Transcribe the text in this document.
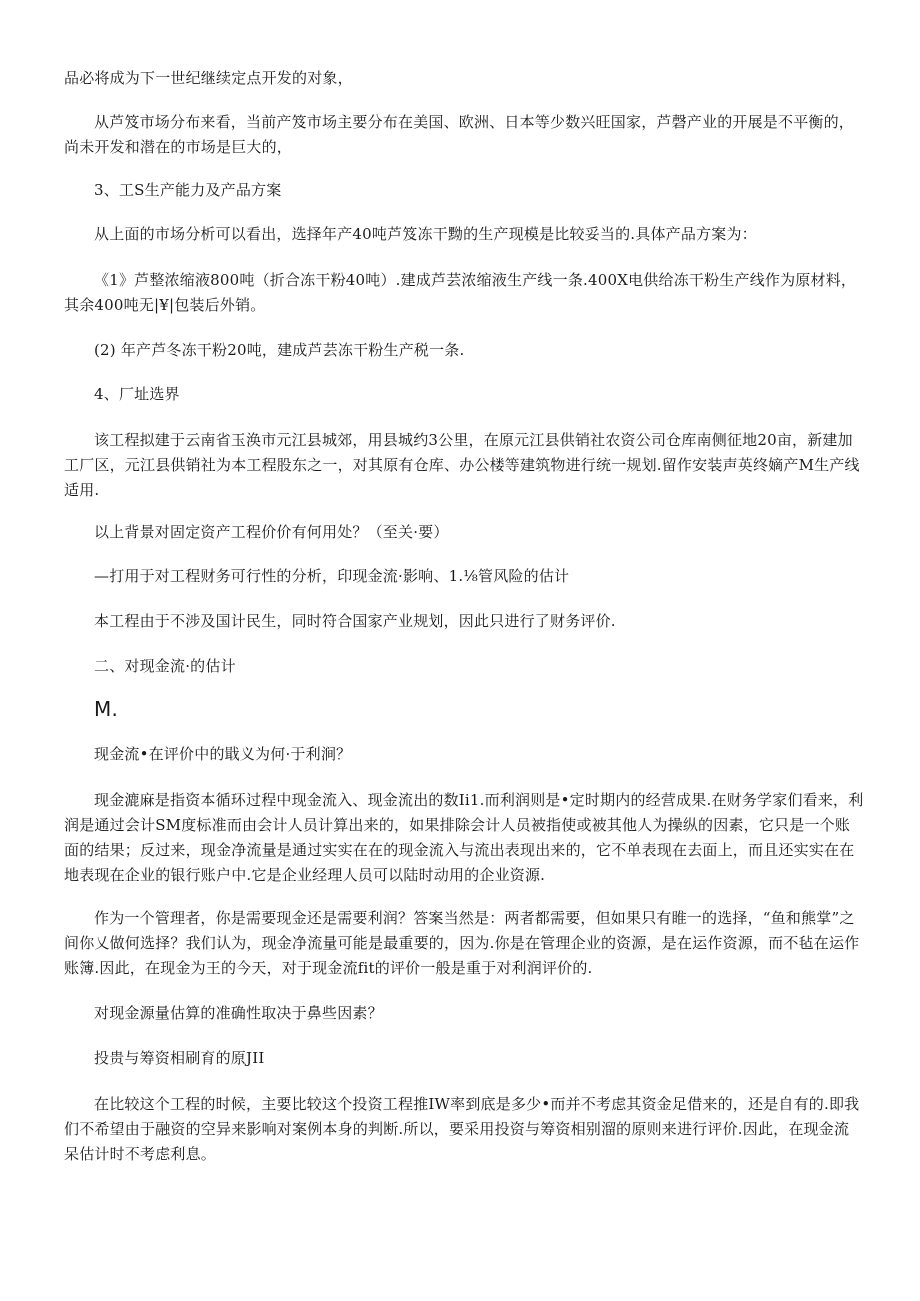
品必将成为下一世纪继续定点开发的对象，

从芦笈市场分布来看，当前产笈市场主要分布在美国、欧洲、日本等少数兴旺国家，芦磬产业的开展是不平衡的，尚未开发和潜在的市场是巨大的，

3、工S生产能力及产品方案

从上面的市场分析可以看出，选择年产40吨芦笈冻干黝的生产现模是比较妥当的.具体产品方案为：

《1》芦整浓缩液800吨（折合冻干粉40吨）.建成芦芸浓缩液生产线一条.400X电供给冻干粉生产线作为原材料，其余400吨无|¥|包装后外销。

(2) 年产芦冬冻干粉20吨，建成芦芸冻干粉生产税一条.

4、厂址选界

该工程拟建于云南省玉涣市元江县城郊，用县城约3公里，在原元江县供销社农资公司仓库南侧征地20亩，新建加工厂区，元江县供销社为本工程股东之一，对其原有仓库、办公楼等建筑物进行统一规划.留作安装声英终嫡产M生产线适用.

以上背景对固定资产工程价价有何用处？（至关·要）

—打用于对工程财务可行性的分析，印现金流·影响、1.⅛管风险的估计

本工程由于不涉及国计民生，同时符合国家产业规划，因此只进行了财务评价.

二、对现金流·的估计

M.

现金流•在评价中的戢义为何·于利涧？

现金漉麻是指资本循环过程中现金流入、现金流出的数Ii1.而利润则是•定时期内的经营成果.在财务学家们看来，利润是通过会计SM度标准而由会计人员计算出来的，如果排除会计人员被指使或被其他人为操纵的因素，它只是一个账面的结果；反过来，现金净流量是通过实实在在的现金流入与流出表现出来的，它不单表现在去面上，而且还实实在在地表现在企业的银行账户中.它是企业经理人员可以陆时动用的企业资源.

作为一个管理者，你是需要现金还是需要利润？答案当然是：两者都需要，但如果只有睢一的选择，“鱼和熊掌”之间你乂做何选择？我们认为，现金净流量可能是最重要的，因为.你是在管理企业的资源，是在运作资源，而不毡在运作账簿.因此，在现金为王的今天，对于现金流fit的评价一般是重于对利润评价的.

对现金源量估算的准确性取决于鼻些因素？

投贵与筹资相刷育的原JII

在比较这个工程的时候，主要比较这个投资工程推IW率到底是多少•而并不考虑其资金足借来的，还是自有的.即我们不希望由于融资的空异来影响对案例本身的判断.所以，要采用投资与筹资相别溜的原则来进行评价.因此，在现金流呆估计时不考虑利息。
